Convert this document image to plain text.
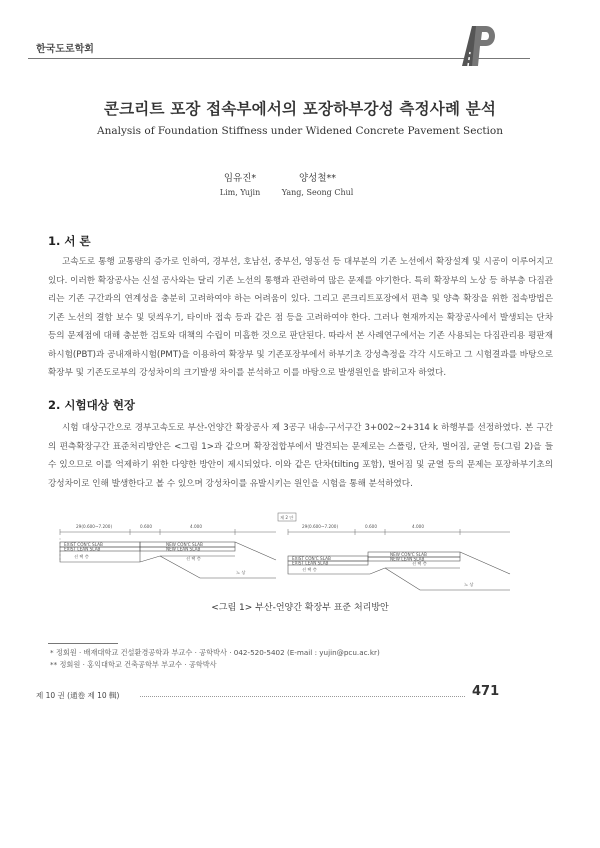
한국도로학회
콘크리트 포장 접속부에서의 포장하부강성 측정사례 분석
Analysis of Foundation Stiffness under Widened Concrete Pavement Section
임유진*
Lim, Yujin
양성철**
Yang, Seong Chul
1. 서 론

고속도로 통행 교통량의 증가로 인하여, 경부선, 호남선, 중부선, 영동선 등 대부분의 기존 노선에서 확장설계 및 시공이 이루어지고 있다. 이러한 확장공사는 신설 공사와는 달리 기존 노선의 통행과 관련하여 많은 문제를 야기한다. 특히 확장부의 노상 등 하부층 다짐관리는 기존 구간과의 연계성을 충분히 고려하여야 하는 어려움이 있다. 그리고 콘크리트포장에서 편측 및 양측 확장을 위한 접속방법은 기존 노선의 결함 보수 및 덧씌우기, 타이바 접속 등과 같은 점 등을 고려하여야 한다. 그러나 현재까지는 확장공사에서 발생되는 단차 등의 문제점에 대해 충분한 검토와 대책의 수립이 미흡한 것으로 판단된다. 따라서 본 사례연구에서는 기존 사용되는 다짐관리용 평판재하시험(PBT)과 공내재하시험(PMT)을 이용하여 확장부 및 기존포장부에서 하부기초 강성측정을 각각 시도하고 그 시험결과를 바탕으로 확장부 및 기존도로부의 강성차이의 크기발생 차이를 분석하고 이를 바탕으로 발생원인을 밝히고자 하였다.

2. 시험대상 현장

시험 대상구간으로 경부고속도로 부산-언양간 확장공사 제 3공구 내송-구서구간 3+002~2+314 k 하행부를 선정하였다. 본 구간의 편측확장구간 표준처리방안은 <그림 1>과 같으며 확장접합부에서 발견되는 문제로는 스폴링, 단차, 벌어짐, 균열 등(그림 2)을 들 수 있으므로 이를 억제하기 위한 다양한 방안이 제시되었다. 이와 같은 단차(tilting 포함), 벌어짐 및 균열 등의 문제는 포장하부기초의 강성차이로 인해 발생한다고 볼 수 있으며 강성차이를 유발시키는 원인을 시험을 통해 분석하였다.

29(0.600~7.200)	0.600	4.000
EXIST CON'C SLAB
EXIST LEAN SLAB
NEW CON'C SLAB
NEW LEAN SLAB
선 택 층
노 상
선 택 층
제 2 안
29(0.600~7.200)	0.600	4.000
EXIST CON'C SLAB
EXIST LEAN SLAB
NEW CON'C SLAB
NEW LEAN SLAB
선 택 층
노 상
선 택 층
<그림 1> 부산-언양간 확장부 표준 처리방안
* 정회원 · 배재대학교 건설환경공학과 부교수 · 공학박사 · 042-520-5402 (E-mail : yujin@pcu.ac.kr)
** 정회원 · 홍익대학교 건축공학부 부교수 · 공학박사
제 10 권 (通卷 제 10 輯)	471
